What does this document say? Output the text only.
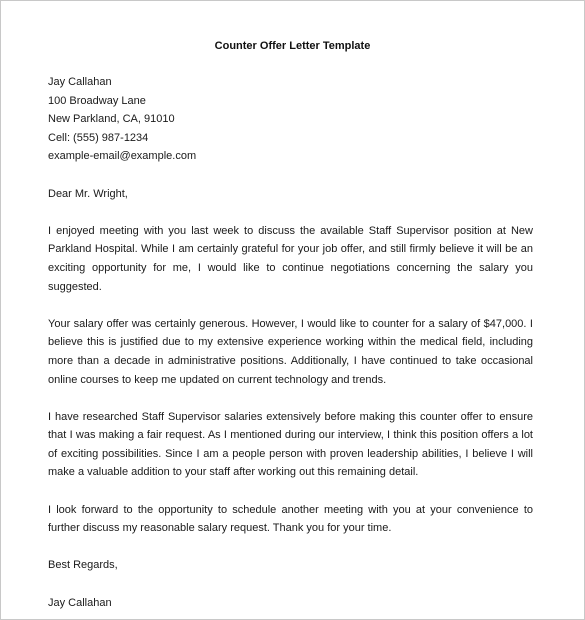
Counter Offer Letter Template
Jay Callahan
100 Broadway Lane
New Parkland, CA, 91010
Cell: (555) 987-1234
example-email@example.com
Dear Mr. Wright,

I enjoyed meeting with you last week to discuss the available Staff Supervisor position at New Parkland Hospital. While I am certainly grateful for your job offer, and still firmly believe it will be an exciting opportunity for me, I would like to continue negotiations concerning the salary you suggested.

Your salary offer was certainly generous. However, I would like to counter for a salary of $47,000. I believe this is justified due to my extensive experience working within the medical field, including more than a decade in administrative positions. Additionally, I have continued to take occasional online courses to keep me updated on current technology and trends.

I have researched Staff Supervisor salaries extensively before making this counter offer to ensure that I was making a fair request. As I mentioned during our interview, I think this position offers a lot of exciting possibilities. Since I am a people person with proven leadership abilities, I believe I will make a valuable addition to your staff after working out this remaining detail.

I look forward to the opportunity to schedule another meeting with you at your convenience to further discuss my reasonable salary request. Thank you for your time.

Best Regards,
Jay Callahan
